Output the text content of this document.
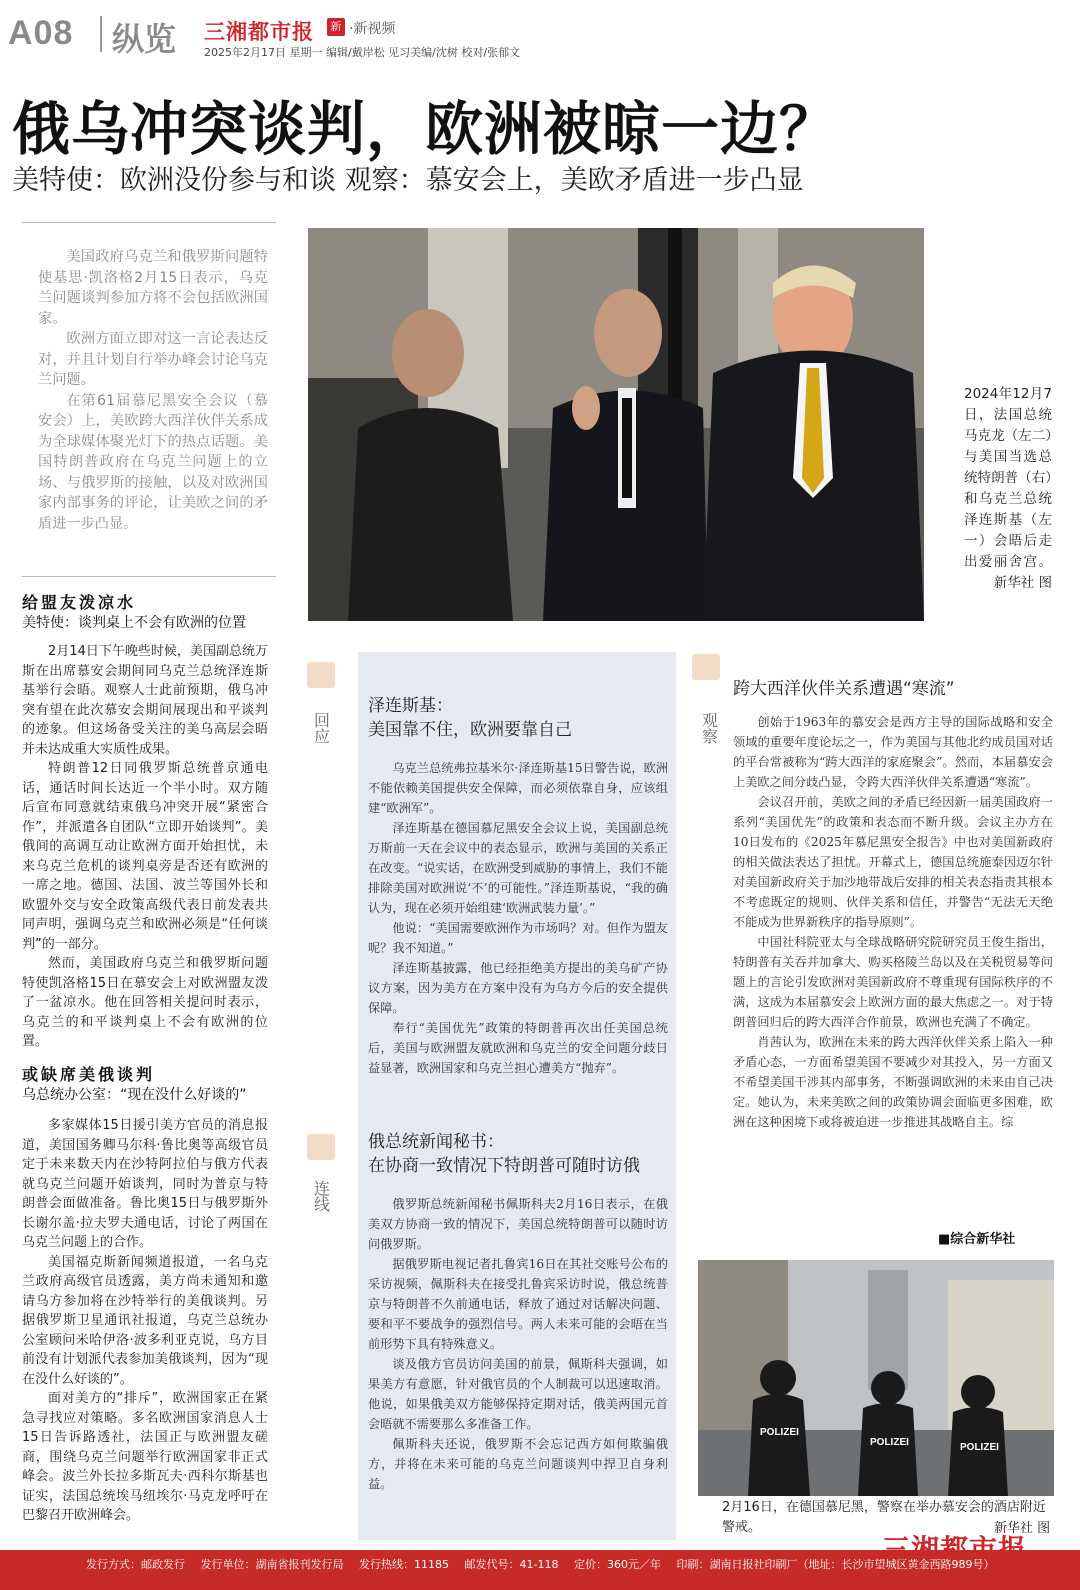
A08 纵览 三湘都市报	新 ·新视频
2025年2月17日 星期一 编辑/戴岸松 见习美编/沈树 校对/张郁文
俄乌冲突谈判，欧洲被晾一边？
美特使：欧洲没份参与和谈 观察：慕安会上，美欧矛盾进一步凸显

美国政府乌克兰和俄罗斯问题特使基思·凯洛格2月15日表示，乌克兰问题谈判参加方将不会包括欧洲国家。

欧洲方面立即对这一言论表达反对，并且计划自行举办峰会讨论乌克兰问题。

在第61届慕尼黑安全会议（慕安会）上，美欧跨大西洋伙伴关系成为全球媒体聚光灯下的热点话题。美国特朗普政府在乌克兰问题上的立场、与俄罗斯的接触，以及对欧洲国家内部事务的评论，让美欧之间的矛盾进一步凸显。

2024年12月7日，法国总统马克龙（左二）与美国当选总统特朗普（右）和乌克兰总统泽连斯基（左一）会晤后走出爱丽舍宫。
新华社 图
给盟友泼凉水
美特使：谈判桌上不会有欧洲的位置

2月14日下午晚些时候，美国副总统万斯在出席慕安会期间同乌克兰总统泽连斯基举行会晤。观察人士此前预期，俄乌冲突有望在此次慕安会期间展现出和平谈判的迹象。但这场备受关注的美乌高层会晤并未达成重大实质性成果。

特朗普12日同俄罗斯总统普京通电话，通话时间长达近一个半小时。双方随后宣布同意就结束俄乌冲突开展“紧密合作”，并派遣各自团队“立即开始谈判”。美俄间的高调互动让欧洲方面开始担忧，未来乌克兰危机的谈判桌旁是否还有欧洲的一席之地。德国、法国、波兰等国外长和欧盟外交与安全政策高级代表日前发表共同声明，强调乌克兰和欧洲必须是“任何谈判”的一部分。

然而，美国政府乌克兰和俄罗斯问题特使凯洛格15日在慕安会上对欧洲盟友泼了一盆凉水。他在回答相关提问时表示，乌克兰的和平谈判桌上不会有欧洲的位置。

或缺席美俄谈判
乌总统办公室：“现在没什么好谈的”

多家媒体15日援引美方官员的消息报道，美国国务卿马尔科·鲁比奥等高级官员定于未来数天内在沙特阿拉伯与俄方代表就乌克兰问题开始谈判，同时为普京与特朗普会面做准备。鲁比奥15日与俄罗斯外长谢尔盖·拉夫罗夫通电话，讨论了两国在乌克兰问题上的合作。

美国福克斯新闻频道报道，一名乌克兰政府高级官员透露，美方尚未通知和邀请乌方参加将在沙特举行的美俄谈判。另据俄罗斯卫星通讯社报道，乌克兰总统办公室顾问米哈伊洛·波多利亚克说，乌方目前没有计划派代表参加美俄谈判，因为“现在没什么好谈的”。

面对美方的“排斥”，欧洲国家正在紧急寻找应对策略。多名欧洲国家消息人士15日告诉路透社，法国正与欧洲盟友磋商，围绕乌克兰问题举行欧洲国家非正式峰会。波兰外长拉多斯瓦夫·西科尔斯基也证实，法国总统埃马纽埃尔·马克龙呼吁在巴黎召开欧洲峰会。

回应
连线
观察
泽连斯基：
美国靠不住，欧洲要靠自己

乌克兰总统弗拉基米尔·泽连斯基15日警告说，欧洲不能依赖美国提供安全保障，而必须依靠自身，应该组建“欧洲军”。

泽连斯基在德国慕尼黑安全会议上说，美国副总统万斯前一天在会议中的表态显示，欧洲与美国的关系正在改变。“说实话，在欧洲受到威胁的事情上，我们不能排除美国对欧洲说‘不’的可能性。”泽连斯基说，“我的确认为，现在必须开始组建‘欧洲武装力量’。”

他说：“美国需要欧洲作为市场吗？对。但作为盟友呢？我不知道。”

泽连斯基披露，他已经拒绝美方提出的美乌矿产协议方案，因为美方在方案中没有为乌方今后的安全提供保障。

奉行“美国优先”政策的特朗普再次出任美国总统后，美国与欧洲盟友就欧洲和乌克兰的安全问题分歧日益显著，欧洲国家和乌克兰担心遭美方“抛弃”。

俄总统新闻秘书：
在协商一致情况下特朗普可随时访俄

俄罗斯总统新闻秘书佩斯科夫2月16日表示，在俄美双方协商一致的情况下，美国总统特朗普可以随时访问俄罗斯。

据俄罗斯电视记者扎鲁宾16日在其社交账号公布的采访视频，佩斯科夫在接受扎鲁宾采访时说，俄总统普京与特朗普不久前通电话，释放了通过对话解决问题、要和平不要战争的强烈信号。两人未来可能的会晤在当前形势下具有特殊意义。

谈及俄方官员访问美国的前景，佩斯科夫强调，如果美方有意愿，针对俄官员的个人制裁可以迅速取消。他说，如果俄美双方能够保持定期对话，俄美两国元首会晤就不需要那么多准备工作。

佩斯科夫还说，俄罗斯不会忘记西方如何欺骗俄方，并将在未来可能的乌克兰问题谈判中捍卫自身利益。

跨大西洋伙伴关系遭遇“寒流”

创始于1963年的慕安会是西方主导的国际战略和安全领域的重要年度论坛之一，作为美国与其他北约成员国对话的平台常被称为“跨大西洋的家庭聚会”。然而，本届慕安会上美欧之间分歧凸显，令跨大西洋伙伴关系遭遇“寒流”。

会议召开前，美欧之间的矛盾已经因新一届美国政府一系列“美国优先”的政策和表态而不断升级。会议主办方在10日发布的《2025年慕尼黑安全报告》中也对美国新政府的相关做法表达了担忧。开幕式上，德国总统施泰因迈尔针对美国新政府关于加沙地带战后安排的相关表态指责其根本不考虑既定的规则、伙伴关系和信任，并警告“无法无天绝不能成为世界新秩序的指导原则”。

中国社科院亚太与全球战略研究院研究员王俊生指出，特朗普有关吞并加拿大、购买格陵兰岛以及在关税贸易等问题上的言论引发欧洲对美国新政府不尊重现有国际秩序的不满，这成为本届慕安会上欧洲方面的最大焦虑之一。对于特朗普回归后的跨大西洋合作前景，欧洲也充满了不确定。

肖茜认为，欧洲在未来的跨大西洋伙伴关系上陷入一种矛盾心态，一方面希望美国不要减少对其投入，另一方面又不希望美国干涉其内部事务，不断强调欧洲的未来由自己决定。她认为，未来美欧之间的政策协调会面临更多困难，欧洲在这种困境下或将被迫进一步推进其战略自主。综

■综合新华社
POLIZEI
POLIZEI	POLIZEI
2月16日，在德国慕尼黑，警察在举办慕安会的酒店附近警戒。	新华社 图
发行方式：邮政发行 发行单位：湖南省报刊发行局 发行热线：11185 邮发代号：41-118 定价：360元／年 印刷：湖南日报社印刷厂（地址：长沙市望城区黄金西路989号）
